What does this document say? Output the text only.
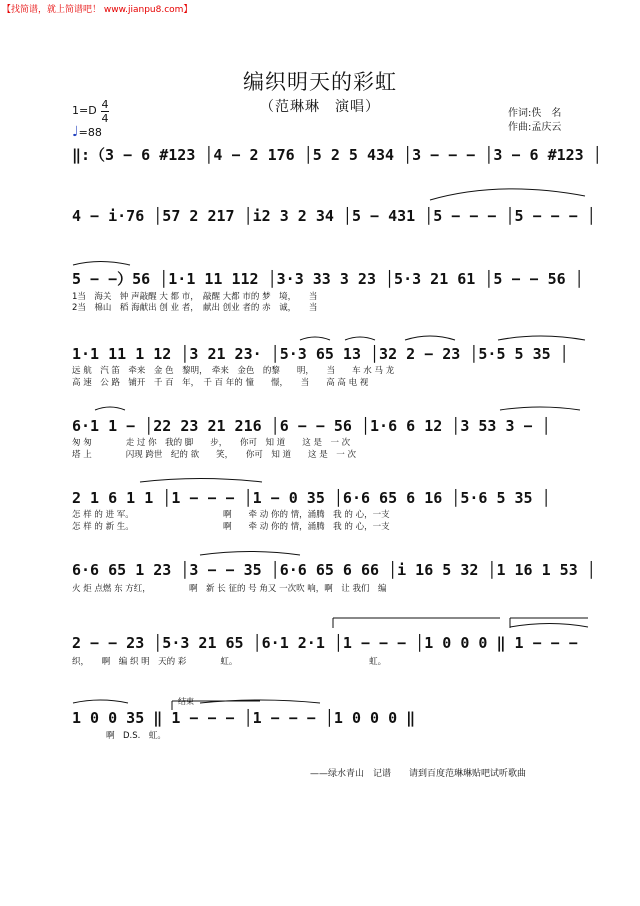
【找简谱，就上简谱吧！ www.jianpu8.com】
编织明天的彩虹
（范琳琳　演唱）
1=D 4
4
♩=88
作词:佚　名
作曲:孟庆云
‖:（3 − 6 #123 │4 − 2 176 │5 2 5 434 │3 − − − │3 − 6 #123 │
4 − i·76 │57 2 217 │i2 3 2 34 │5 − 431 │5 − − − │5 − − − │
5 − −）56 │1·1 11 112 │3·3 33 3 23 │5·3 21 61 │5 − − 56 │
1当　海关　钟 声敲醒 大 都 市，　敲醒 大都 市的 梦　境，　　当
2当　棉山　稻 海献出 创 业 者，　献出 创业 者的 赤　诚，　　当
1·1 11 1 12 │3 21 23· │5·3 65 13 │32 2 − 23 │5·5 5 35 │
远 航　汽 笛　牵来　金 色　黎明，　牵来　金色　的黎　　明，　　当　　车 水 马 龙
高 速　公 路　铺开　千 百　年，　千 百 年的 憧　　憬，　　当　　高 高 电 视
6·1 1 − │22 23 21 216 │6 − − 56 │1·6 6 12 │3 53 3 − │
匆 匆　　　　走 过 你　我的 脚　　步，　　你可　知 道　　这 是　一 次
塔 上　　　　闪现 跨世　纪的 欲　　笑，　　你可　知 道　　这 是　一 次
2 1 6 1 1 │1 − − − │1 − 0 35 │6·6 65 6 16 │5·6 5 35 │
怎 样 的 进 军。　　　　　　　　　　　啊　　牵 动 你的 情，涌腾　我 的 心，一支
怎 样 的 新 生。　　　　　　　　　　　啊　　牵 动 你的 情，涌腾　我 的 心，一支
6·6 65 1 23 │3 − − 35 │6·6 65 6 66 │i 16 5 32 │1 16 1 53 │
火 炬 点燃 东 方红，　　　　　啊　新 长 征的 号 角又 一次吹 响，啊　让 我们　编
2 − − 23 │5·3 21 65 │6·1 2·1 │1 − − − │1 0 0 0 ‖ 1 − − −
织，　　啊　编 织 明　天的 彩　　　　虹。　　　　　　　　　　　　　　　　虹。
结束
1 0 0 35 ‖ 1 − − − │1 − − − │1 0 0 0 ‖
　　　　啊　D.S.　虹。
——绿水青山　记谱　　请到百度范琳琳贴吧试听歌曲
